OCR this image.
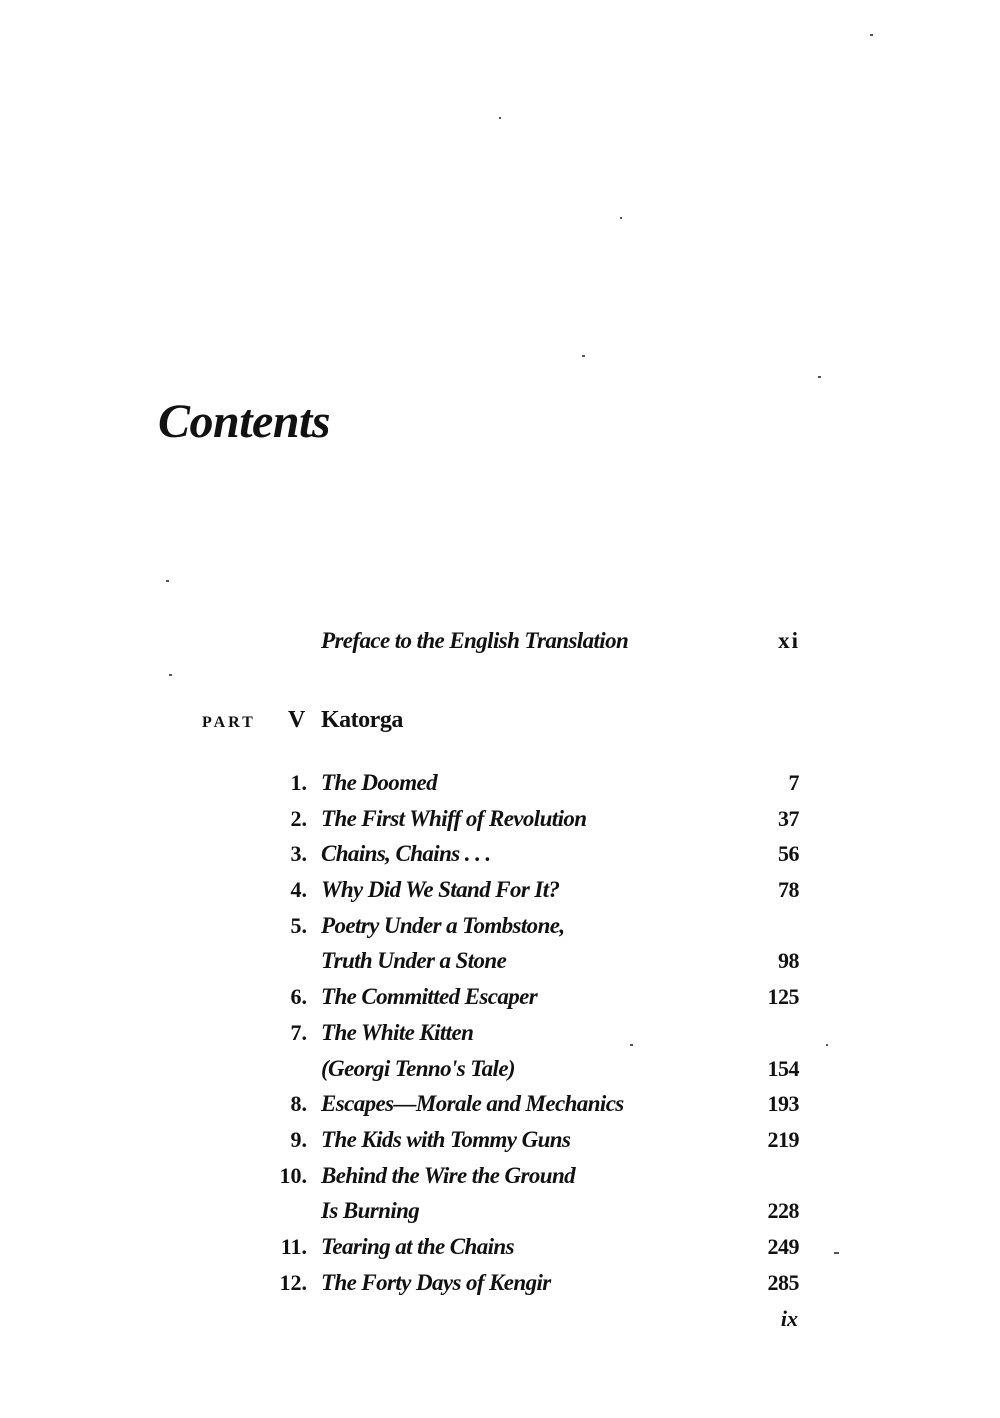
Contents
Preface to the English Translation	xi
PART V Katorga
1. The Doomed	7
2. The First Whiff of Revolution	37
3. Chains, Chains . . .	56
4. Why Did We Stand For It?	78
5. Poetry Under a Tombstone,
Truth Under a Stone	98
6. The Committed Escaper	125
7. The White Kitten
(Georgi Tenno's Tale)	154
8. Escapes—Morale and Mechanics	193
9. The Kids with Tommy Guns	219
10. Behind the Wire the Ground
Is Burning	228
11. Tearing at the Chains	249
12. The Forty Days of Kengir	285
ix
